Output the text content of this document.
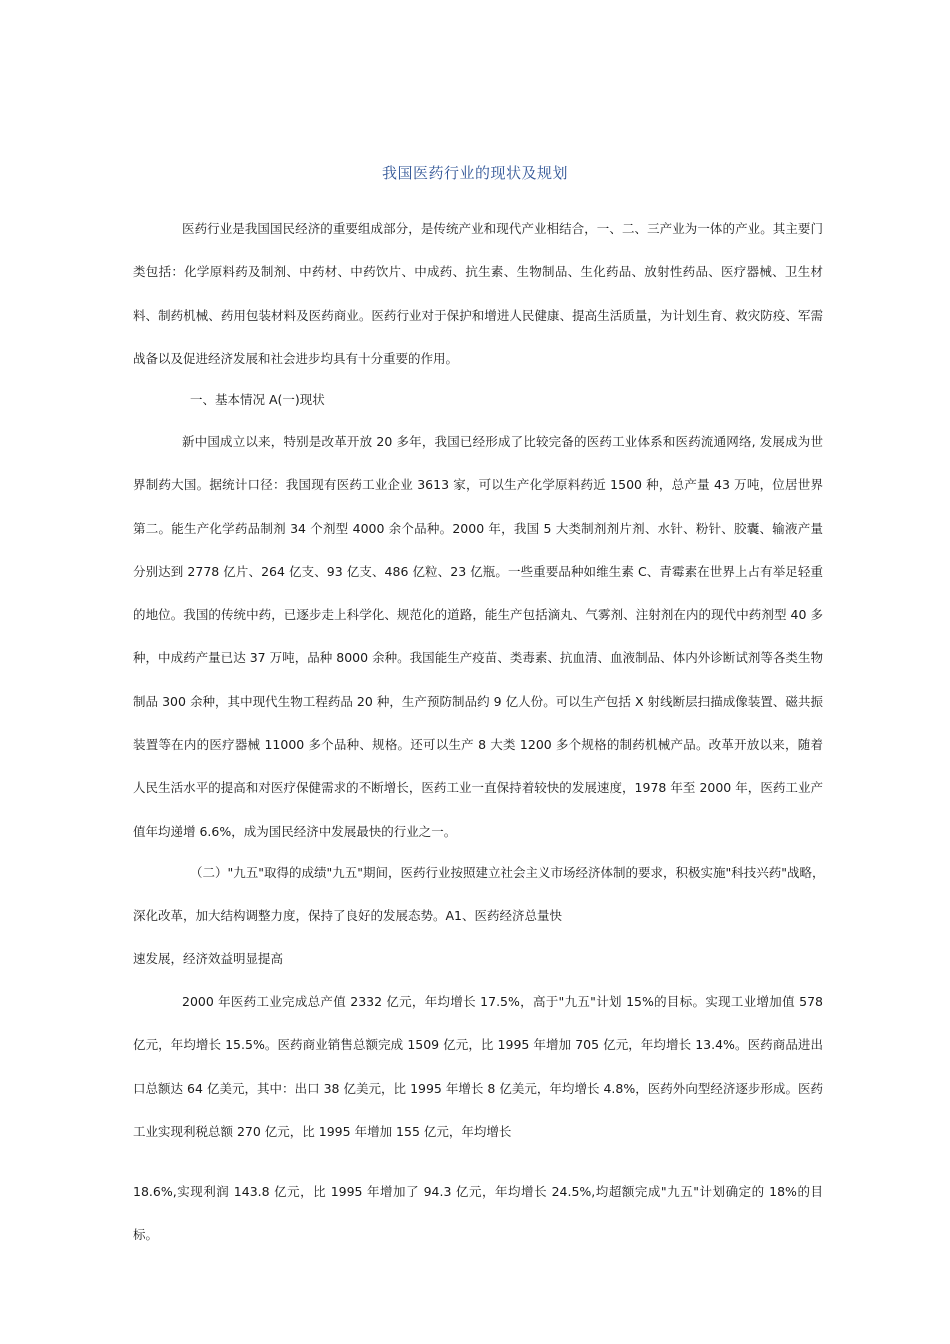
我国医药行业的现状及规划

医药行业是我国国民经济的重要组成部分，是传统产业和现代产业相结合，一、二、三产业为一体的产业。其主要门类包括：化学原料药及制剂、中药材、中药饮片、中成药、抗生素、生物制品、生化药品、放射性药品、医疗器械、卫生材料、制药机械、药用包装材料及医药商业。医药行业对于保护和增进人民健康、提高生活质量，为计划生育、救灾防疫、军需战备以及促进经济发展和社会进步均具有十分重要的作用。

一、基本情况 A(一)现状

新中国成立以来，特别是改革开放 20 多年，我国已经形成了比较完备的医药工业体系和医药流通网络, 发展成为世界制药大国。据统计口径：我国现有医药工业企业 3613 家，可以生产化学原料药近 1500 种，总产量 43 万吨，位居世界第二。能生产化学药品制剂 34 个剂型 4000 余个品种。2000 年，我国 5 大类制剂剂片剂、水针、粉针、胶囊、输液产量分别达到 2778 亿片、264 亿支、93 亿支、486 亿粒、23 亿瓶。一些重要品种如维生素 C、青霉素在世界上占有举足轻重的地位。我国的传统中药，已逐步走上科学化、规范化的道路，能生产包括滴丸、气雾剂、注射剂在内的现代中药剂型 40 多种，中成药产量已达 37 万吨，品种 8000 余种。我国能生产疫苗、类毒素、抗血清、血液制品、体内外诊断试剂等各类生物制品 300 余种，其中现代生物工程药品 20 种，生产预防制品约 9 亿人份。可以生产包括 X 射线断层扫描成像装置、磁共振装置等在内的医疗器械 11000 多个品种、规格。还可以生产 8 大类 1200 多个规格的制药机械产品。改革开放以来，随着人民生活水平的提高和对医疗保健需求的不断增长，医药工业一直保持着较快的发展速度，1978 年至 2000 年，医药工业产值年均递增 6.6%，成为国民经济中发展最快的行业之一。

（二）"九五"取得的成绩"九五"期间，医药行业按照建立社会主义市场经济体制的要求，积极实施"科技兴药"战略，
深化改革，加大结构调整力度，保持了良好的发展态势。A1、医药经济总量快
速发展，经济效益明显提高

2000 年医药工业完成总产值 2332 亿元，年均增长 17.5%，高于"九五"计划 15%的目标。实现工业增加值 578 亿元，年均增长 15.5%。医药商业销售总额完成 1509 亿元，比 1995 年增加 705 亿元，年均增长 13.4%。医药商品进出口总额达 64 亿美元，其中：出口 38 亿美元，比 1995 年增长 8 亿美元，年均增长 4.8%，医药外向型经济逐步形成。医药工业实现利税总额 270 亿元，比 1995 年增加 155 亿元，年均增长

18.6%,实现利润 143.8 亿元，比 1995 年增加了 94.3 亿元，年均增长 24.5%,均超额完成"九五"计划确定的 18%的目标。
